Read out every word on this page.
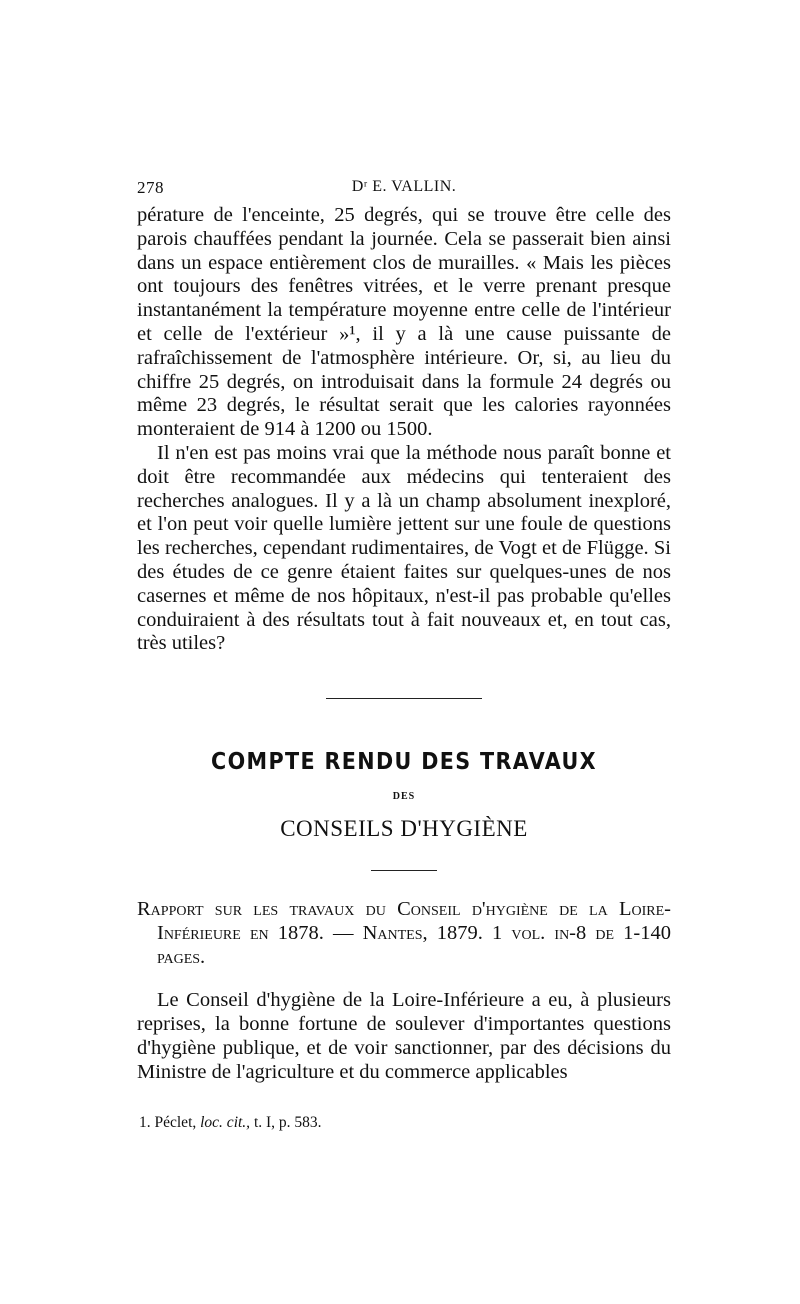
278	Dʳ E. VALLIN.

pérature de l'enceinte, 25 degrés, qui se trouve être celle des parois chauffées pendant la journée. Cela se passerait bien ainsi dans un espace entièrement clos de murailles. « Mais les pièces ont toujours des fenêtres vitrées, et le verre prenant presque instantanément la température moyenne entre celle de l'intérieur et celle de l'extérieur »¹, il y a là une cause puissante de rafraîchissement de l'atmosphère intérieure. Or, si, au lieu du chiffre 25 degrés, on introduisait dans la formule 24 degrés ou même 23 degrés, le résultat serait que les calories rayonnées monteraient de 914 à 1200 ou 1500.

Il n'en est pas moins vrai que la méthode nous paraît bonne et doit être recommandée aux médecins qui tenteraient des recherches analogues. Il y a là un champ absolument inexploré, et l'on peut voir quelle lumière jettent sur une foule de questions les recherches, cependant rudimentaires, de Vogt et de Flügge. Si des études de ce genre étaient faites sur quelques-unes de nos casernes et même de nos hôpitaux, n'est-il pas probable qu'elles conduiraient à des résultats tout à fait nouveaux et, en tout cas, très utiles?

COMPTE RENDU DES TRAVAUX
DES
CONSEILS D'HYGIÈNE
Rapport sur les travaux du Conseil d'hygiène de la Loire-Inférieure en 1878. — Nantes, 1879. 1 vol. in-8 de 1-140 pages.

Le Conseil d'hygiène de la Loire-Inférieure a eu, à plusieurs reprises, la bonne fortune de soulever d'importantes questions d'hygiène publique, et de voir sanctionner, par des décisions du Ministre de l'agriculture et du commerce applicables

1. Péclet, loc. cit., t. I, p. 583.
